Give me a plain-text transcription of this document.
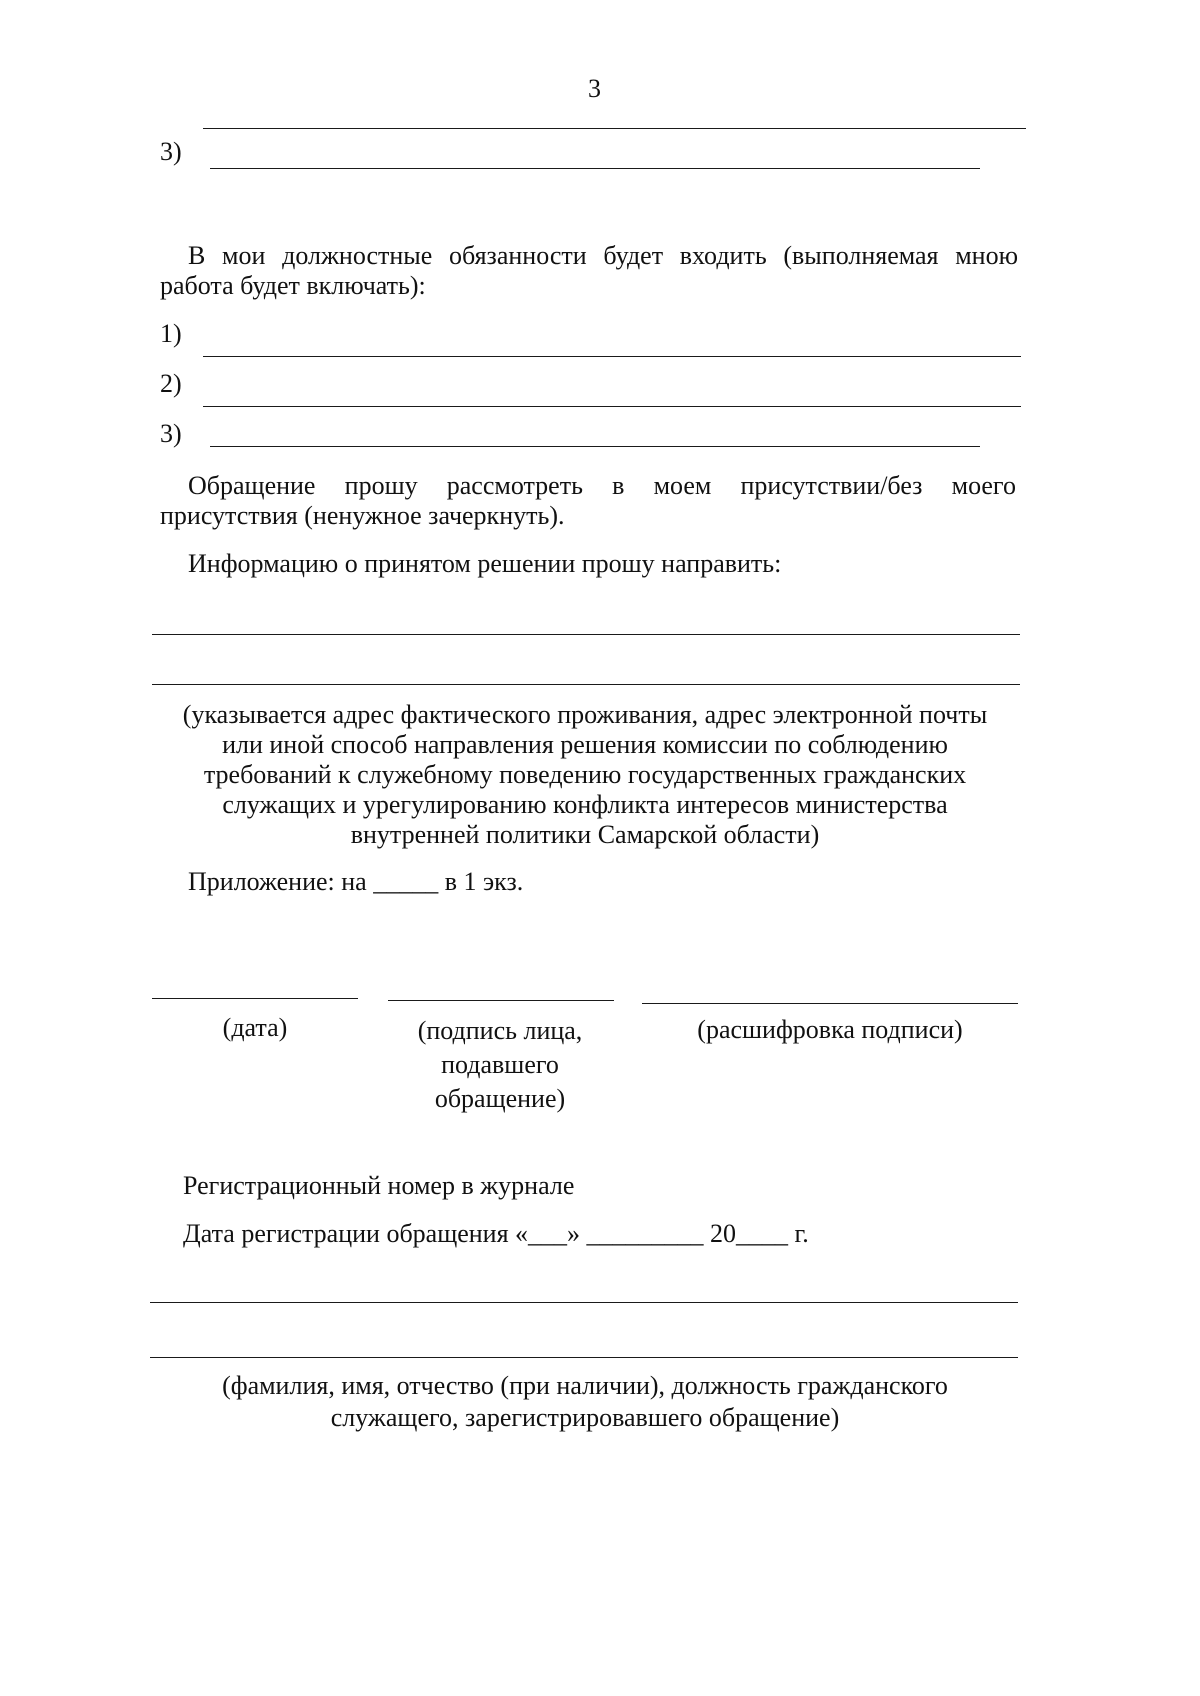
3
3)
В мои должностные обязанности будет входить (выполняемая мною
работа будет включать):
1)
2)
3)
Обращение прошу рассмотреть в моем присутствии/без моего
присутствия (ненужное зачеркнуть).
Информацию о принятом решении прошу направить:
(указывается адрес фактического проживания, адрес электронной почты
или иной способ направления решения комиссии по соблюдению
требований к служебному поведению государственных гражданских
служащих и урегулированию конфликта интересов министерства
внутренней политики Самарской области)
Приложение: на _____ в 1 экз.
(дата)	(подпись лица,
подавшего
обращение)
(расшифровка подписи)
Регистрационный номер в журнале
Дата регистрации обращения «___» _________ 20____ г.
(фамилия, имя, отчество (при наличии), должность гражданского
служащего, зарегистрировавшего обращение)
